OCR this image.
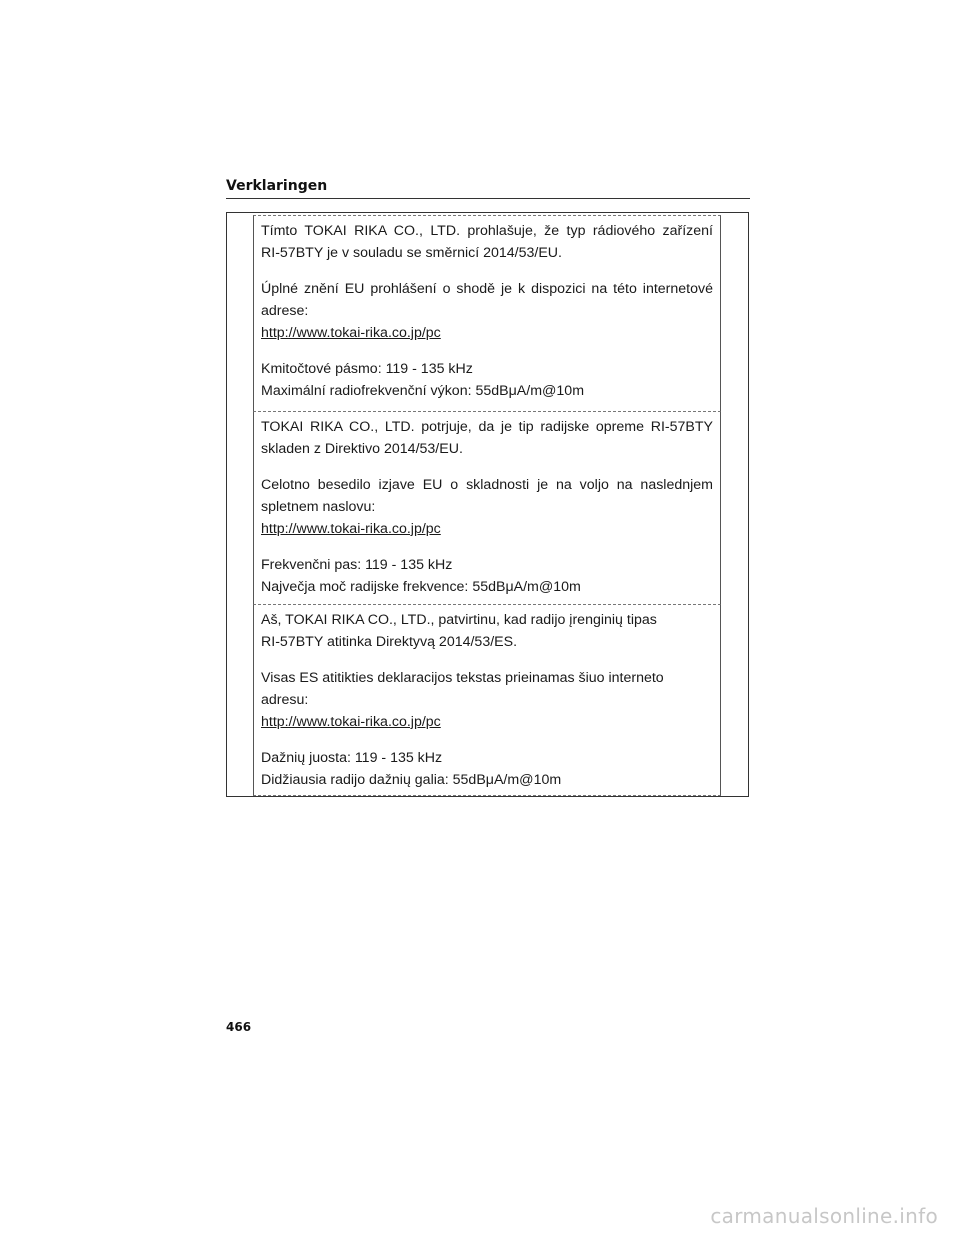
Verklaringen

Tímto TOKAI RIKA CO., LTD. prohlašuje, že typ rádiového zařízení
RI-57BTY je v souladu se směrnicí 2014/53/EU.

Úplné znění EU prohlášení o shodě je k dispozici na této internetové
adrese:
http://www.tokai-rika.co.jp/pc

Kmitočtové pásmo: 119 - 135 kHz
Maximální radiofrekvenční výkon: 55dBμA/m@10m

TOKAI RIKA CO., LTD. potrjuje, da je tip radijske opreme RI-57BTY
skladen z Direktivo 2014/53/EU.

Celotno besedilo izjave EU o skladnosti je na voljo na naslednjem
spletnem naslovu:
http://www.tokai-rika.co.jp/pc

Frekvenčni pas: 119 - 135 kHz
Največja moč radijske frekvence: 55dBμA/m@10m

Aš, TOKAI RIKA CO., LTD., patvirtinu, kad radijo įrenginių tipas
RI-57BTY atitinka Direktyvą 2014/53/ES.

Visas ES atitikties deklaracijos tekstas prieinamas šiuo interneto
adresu:
http://www.tokai-rika.co.jp/pc

Dažnių juosta: 119 - 135 kHz
Didžiausia radijo dažnių galia: 55dBμA/m@10m

466
carmanualsonline.info
